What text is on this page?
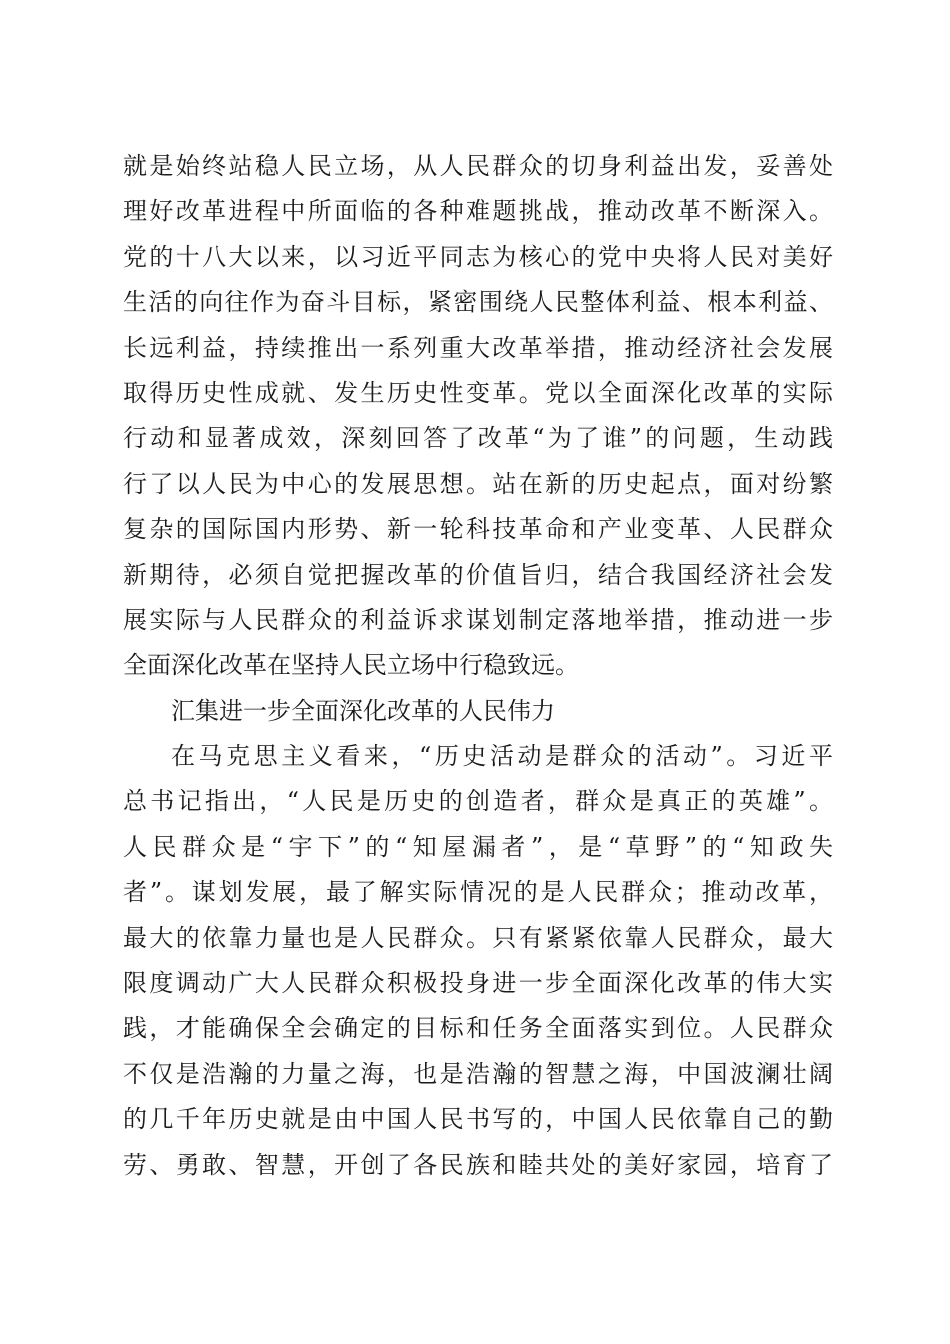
就是始终站稳人民立场，从人民群众的切身利益出发，妥善处
理好改革进程中所面临的各种难题挑战，推动改革不断深入。
党的十八大以来，以习近平同志为核心的党中央将人民对美好
生活的向往作为奋斗目标，紧密围绕人民整体利益、根本利益、
长远利益，持续推出一系列重大改革举措，推动经济社会发展
取得历史性成就、发生历史性变革。党以全面深化改革的实际
行动和显著成效，深刻回答了改革“为了谁”的问题，生动践
行了以人民为中心的发展思想。站在新的历史起点，面对纷繁
复杂的国际国内形势、新一轮科技革命和产业变革、人民群众
新期待，必须自觉把握改革的价值旨归，结合我国经济社会发
展实际与人民群众的利益诉求谋划制定落地举措，推动进一步
全面深化改革在坚持人民立场中行稳致远。
汇集进一步全面深化改革的人民伟力
在马克思主义看来，“历史活动是群众的活动”。习近平
总书记指出，“人民是历史的创造者，群众是真正的英雄”。
人民群众是“宇下”的“知屋漏者”，是“草野”的“知政失
者”。谋划发展，最了解实际情况的是人民群众；推动改革，
最大的依靠力量也是人民群众。只有紧紧依靠人民群众，最大
限度调动广大人民群众积极投身进一步全面深化改革的伟大实
践，才能确保全会确定的目标和任务全面落实到位。人民群众
不仅是浩瀚的力量之海，也是浩瀚的智慧之海，中国波澜壮阔
的几千年历史就是由中国人民书写的，中国人民依靠自己的勤
劳、勇敢、智慧，开创了各民族和睦共处的美好家园，培育了
